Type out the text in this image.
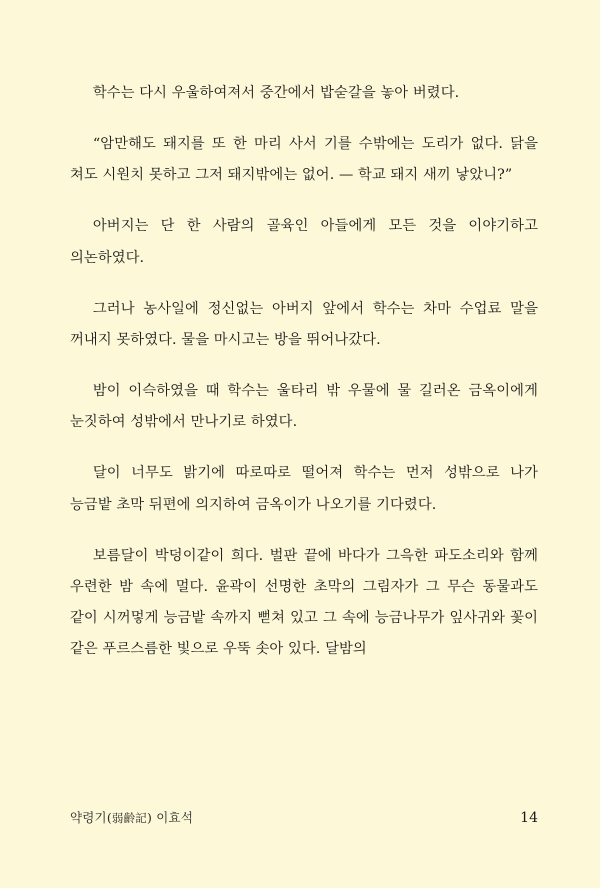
학수는 다시 우울하여져서 중간에서 밥숟갈을 놓아 버렸다.

“암만해도 돼지를 또 한 마리 사서 기를 수밖에는 도리가 없다. 닭을 쳐도 시원치 못하고 그저 돼지밖에는 없어. — 학교 돼지 새끼 낳았니?”

아버지는 단 한 사람의 골육인 아들에게 모든 것을 이야기하고 의논하였다.

그러나 농사일에 정신없는 아버지 앞에서 학수는 차마 수업료 말을 꺼내지 못하였다. 물을 마시고는 방을 뛰어나갔다.

밤이 이슥하였을 때 학수는 울타리 밖 우물에 물 길러온 금옥이에게 눈짓하여 성밖에서 만나기로 하였다.

달이 너무도 밝기에 따로따로 떨어져 학수는 먼저 성밖으로 나가 능금밭 초막 뒤편에 의지하여 금옥이가 나오기를 기다렸다.

보름달이 박덩이같이 희다. 벌판 끝에 바다가 그윽한 파도소리와 함께 우련한 밤 속에 멀다. 윤곽이 선명한 초막의 그림자가 그 무슨 동물과도 같이 시꺼멓게 능금밭 속까지 뻗쳐 있고 그 속에 능금나무가 잎사귀와 꽃이 같은 푸르스름한 빛으로 우뚝 솟아 있다. 달밤의

약령기(弱齡記) 이효석	14
